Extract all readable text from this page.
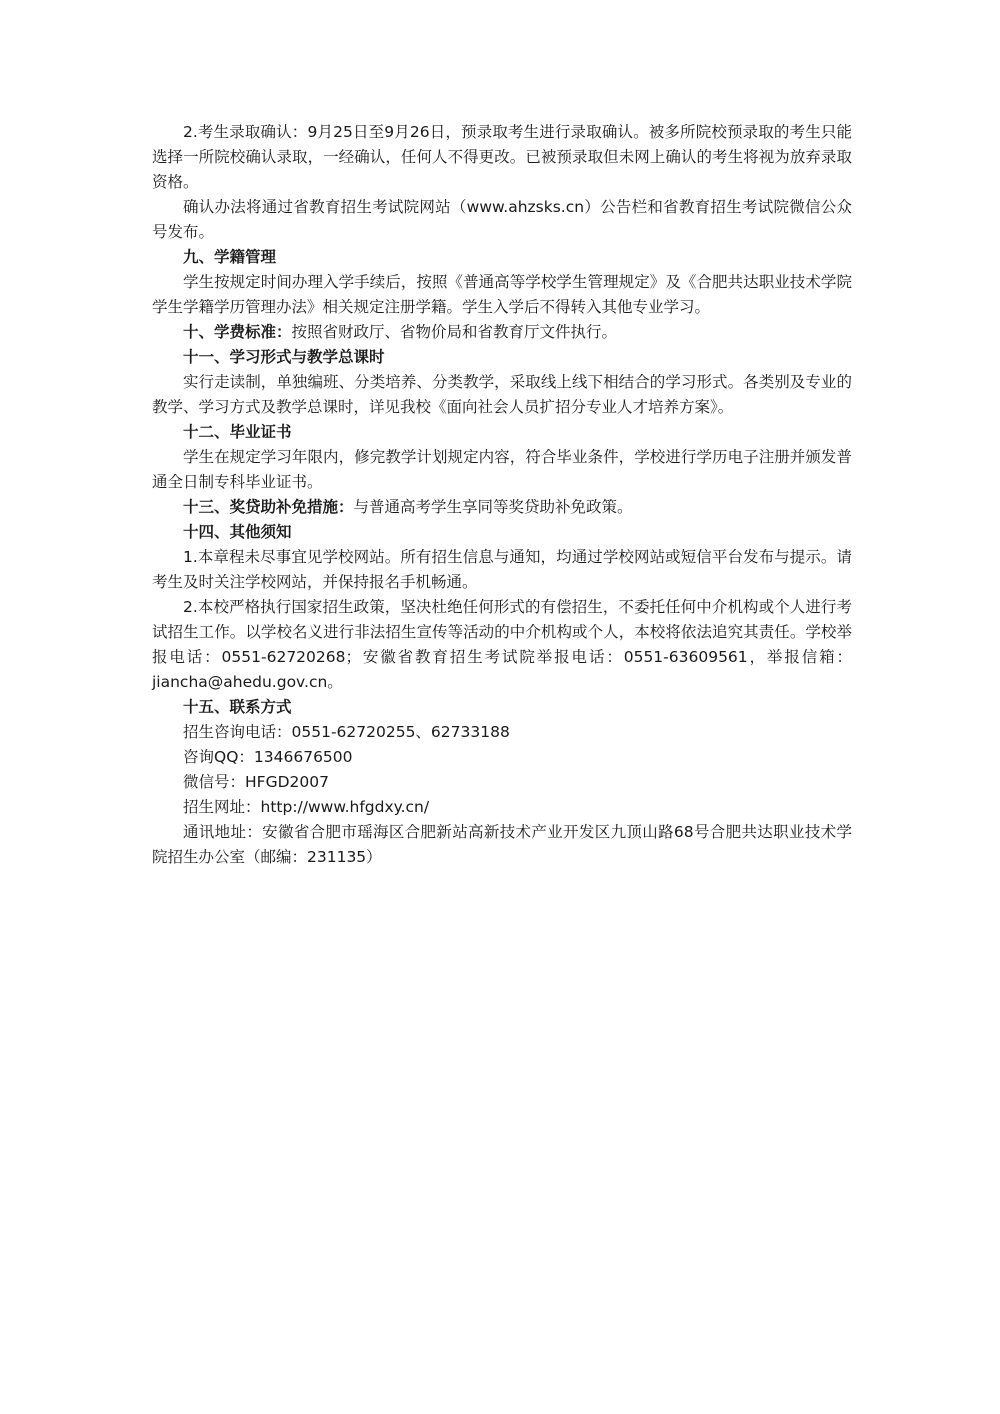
2.考生录取确认：9月25日至9月26日，预录取考生进行录取确认。被多所院校预录取的考生只能选择一所院校确认录取，一经确认，任何人不得更改。已被预录取但未网上确认的考生将视为放弃录取资格。

确认办法将通过省教育招生考试院网站（www.ahzsks.cn）公告栏和省教育招生考试院微信公众号发布。

九、学籍管理

学生按规定时间办理入学手续后，按照《普通高等学校学生管理规定》及《合肥共达职业技术学院学生学籍学历管理办法》相关规定注册学籍。学生入学后不得转入其他专业学习。

十、学费标准：按照省财政厅、省物价局和省教育厅文件执行。

十一、学习形式与教学总课时

实行走读制，单独编班、分类培养、分类教学，采取线上线下相结合的学习形式。各类别及专业的教学、学习方式及教学总课时，详见我校《面向社会人员扩招分专业人才培养方案》。

十二、毕业证书

学生在规定学习年限内，修完教学计划规定内容，符合毕业条件，学校进行学历电子注册并颁发普通全日制专科毕业证书。

十三、奖贷助补免措施：与普通高考学生享同等奖贷助补免政策。

十四、其他须知

1.本章程未尽事宜见学校网站。所有招生信息与通知，均通过学校网站或短信平台发布与提示。请考生及时关注学校网站，并保持报名手机畅通。

2.本校严格执行国家招生政策，坚决杜绝任何形式的有偿招生，不委托任何中介机构或个人进行考试招生工作。以学校名义进行非法招生宣传等活动的中介机构或个人，本校将依法追究其责任。学校举报电话：0551-62720268；安徽省教育招生考试院举报电话：0551-63609561，举报信箱：jiancha@ahedu.gov.cn。

十五、联系方式

招生咨询电话：0551-62720255、62733188

咨询QQ：1346676500

微信号：HFGD2007

招生网址：http://www.hfgdxy.cn/

通讯地址：安徽省合肥市瑶海区合肥新站高新技术产业开发区九顶山路68号合肥共达职业技术学院招生办公室（邮编：231135）
